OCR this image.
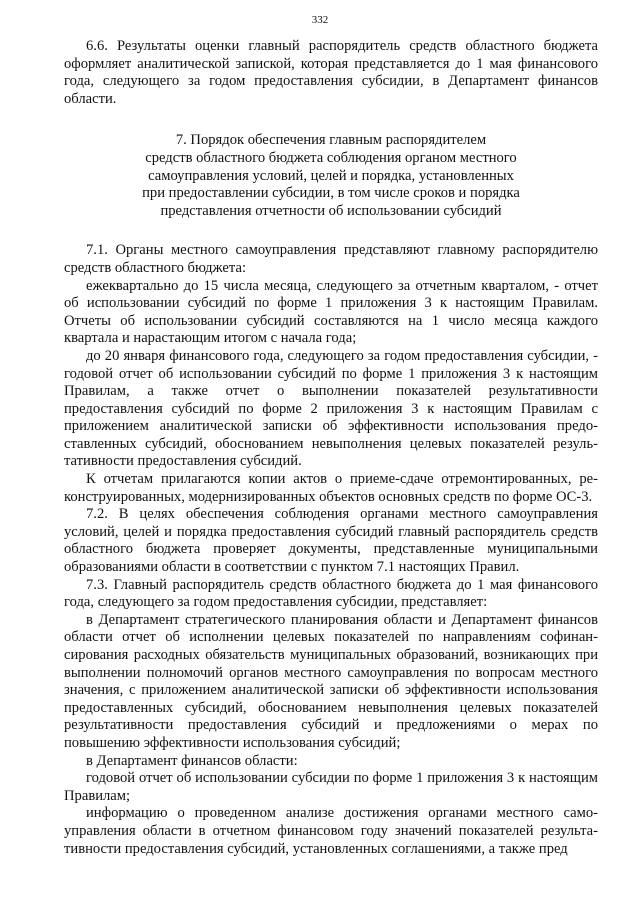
332

6.6. Результаты оценки главный распорядитель средств областного бюджета оформляет аналитической запиской, которая представляется до 1 мая финансового года, следующего за годом предоставления субсидии, в Департамент финансов области.

7. Порядок обеспечения главным распорядителем
средств областного бюджета соблюдения органом местного
самоуправления условий, целей и порядка, установленных
при предоставлении субсидии, в том числе сроков и порядка
представления отчетности об использовании субсидий

7.1. Органы местного самоуправления представляют главному распорядителю средств областного бюджета:

ежеквартально до 15 числа месяца, следующего за отчетным кварталом, - отчет об использовании субсидий по форме 1 приложения 3 к настоящим Правилам. Отчеты об использовании субсидий составляются на 1 число месяца каждого квартала и нарастающим итогом с начала года;

до 20 января финансового года, следующего за годом предоставления субсидии, - годовой отчет об использовании субсидий по форме 1 приложения 3 к настоящим Правилам, а также отчет о выполнении показателей результативности предоставления субсидий по форме 2 приложения 3 к настоящим Правилам с приложением аналитической записки об эффективности использования предоставленных субсидий, обоснованием невыполнения целевых показателей результативности предоставления субсидий.

К отчетам прилагаются копии актов о приеме-сдаче отремонтированных, реконструированных, модернизированных объектов основных средств по форме ОС-3.

7.2. В целях обеспечения соблюдения органами местного самоуправления условий, целей и порядка предоставления субсидий главный распорядитель средств областного бюджета проверяет документы, представленные муниципальными образованиями области в соответствии с пунктом 7.1 настоящих Правил.

7.3. Главный распорядитель средств областного бюджета до 1 мая финансового года, следующего за годом предоставления субсидии, представляет:

в Департамент стратегического планирования области и Департамент финансов области отчет об исполнении целевых показателей по направлениям софинансирования расходных обязательств муниципальных образований, возникающих при выполнении полномочий органов местного самоуправления по вопросам местного значения, с приложением аналитической записки об эффективности использования предоставленных субсидий, обоснованием невыполнения целевых показателей результативности предоставления субсидий и предложениями о мерах по повышению эффективности использования субсидий;

в Департамент финансов области:

годовой отчет об использовании субсидии по форме 1 приложения 3 к настоящим Правилам;

информацию о проведенном анализе достижения органами местного самоуправления области в отчетном финансовом году значений показателей результативности предоставления субсидий, установленных соглашениями, а также пред
